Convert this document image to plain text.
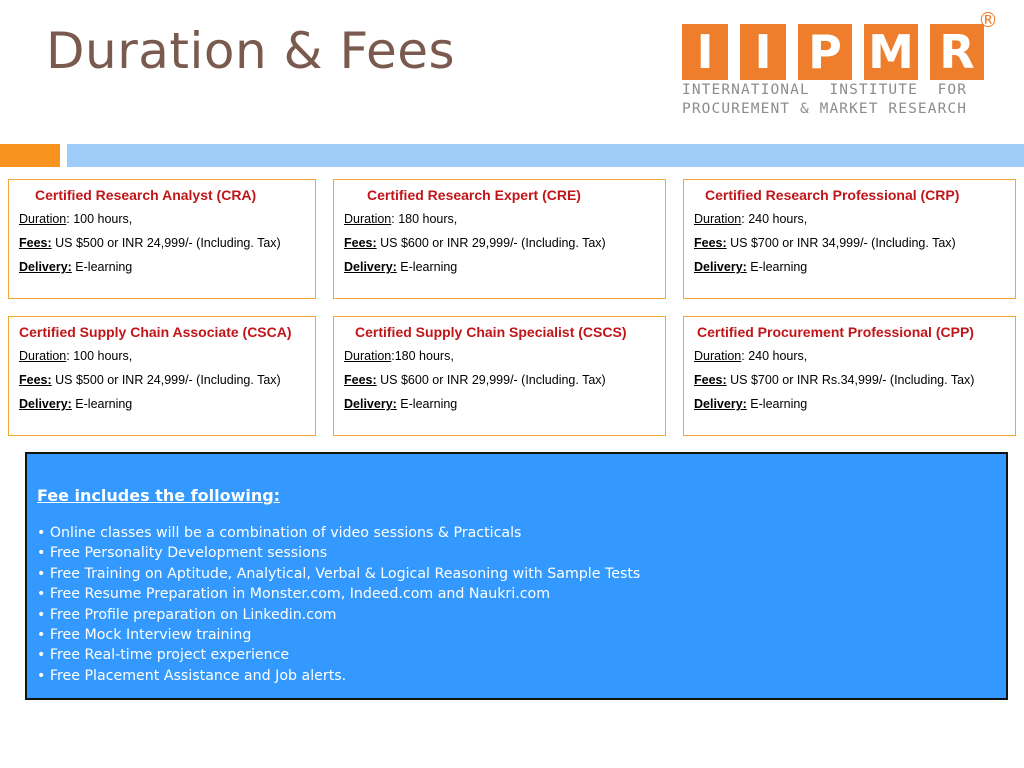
Duration & Fees	I I P M R
®
INTERNATIONAL  INSTITUTE  FOR
PROCUREMENT & MARKET RESEARCH
Certified Research Analyst (CRA)
Duration: 100 hours,
Fees: US $500 or INR 24,999/- (Including. Tax)
Delivery: E-learning
Certified Research Expert (CRE)
Duration: 180 hours,
Fees: US $600 or INR 29,999/- (Including. Tax)
Delivery: E-learning
Certified Research Professional (CRP)
Duration: 240 hours,
Fees: US $700 or INR 34,999/- (Including. Tax)
Delivery: E-learning
Certified Supply Chain Associate (CSCA)
Duration: 100 hours,
Fees: US $500 or INR 24,999/- (Including. Tax)
Delivery: E-learning
Certified Supply Chain Specialist (CSCS)
Duration:180 hours,
Fees: US $600 or INR 29,999/- (Including. Tax)
Delivery: E-learning
Certified Procurement Professional (CPP)
Duration: 240 hours,
Fees: US $700 or INR Rs.34,999/- (Including. Tax)
Delivery: E-learning
Fee includes the following:
• Online classes will be a combination of video sessions & Practicals
• Free Personality Development sessions
• Free Training on Aptitude, Analytical, Verbal & Logical Reasoning with Sample Tests
• Free Resume Preparation in Monster.com, Indeed.com and Naukri.com
• Free Profile preparation on Linkedin.com
• Free Mock Interview training
• Free Real-time project experience
• Free Placement Assistance and Job alerts.
